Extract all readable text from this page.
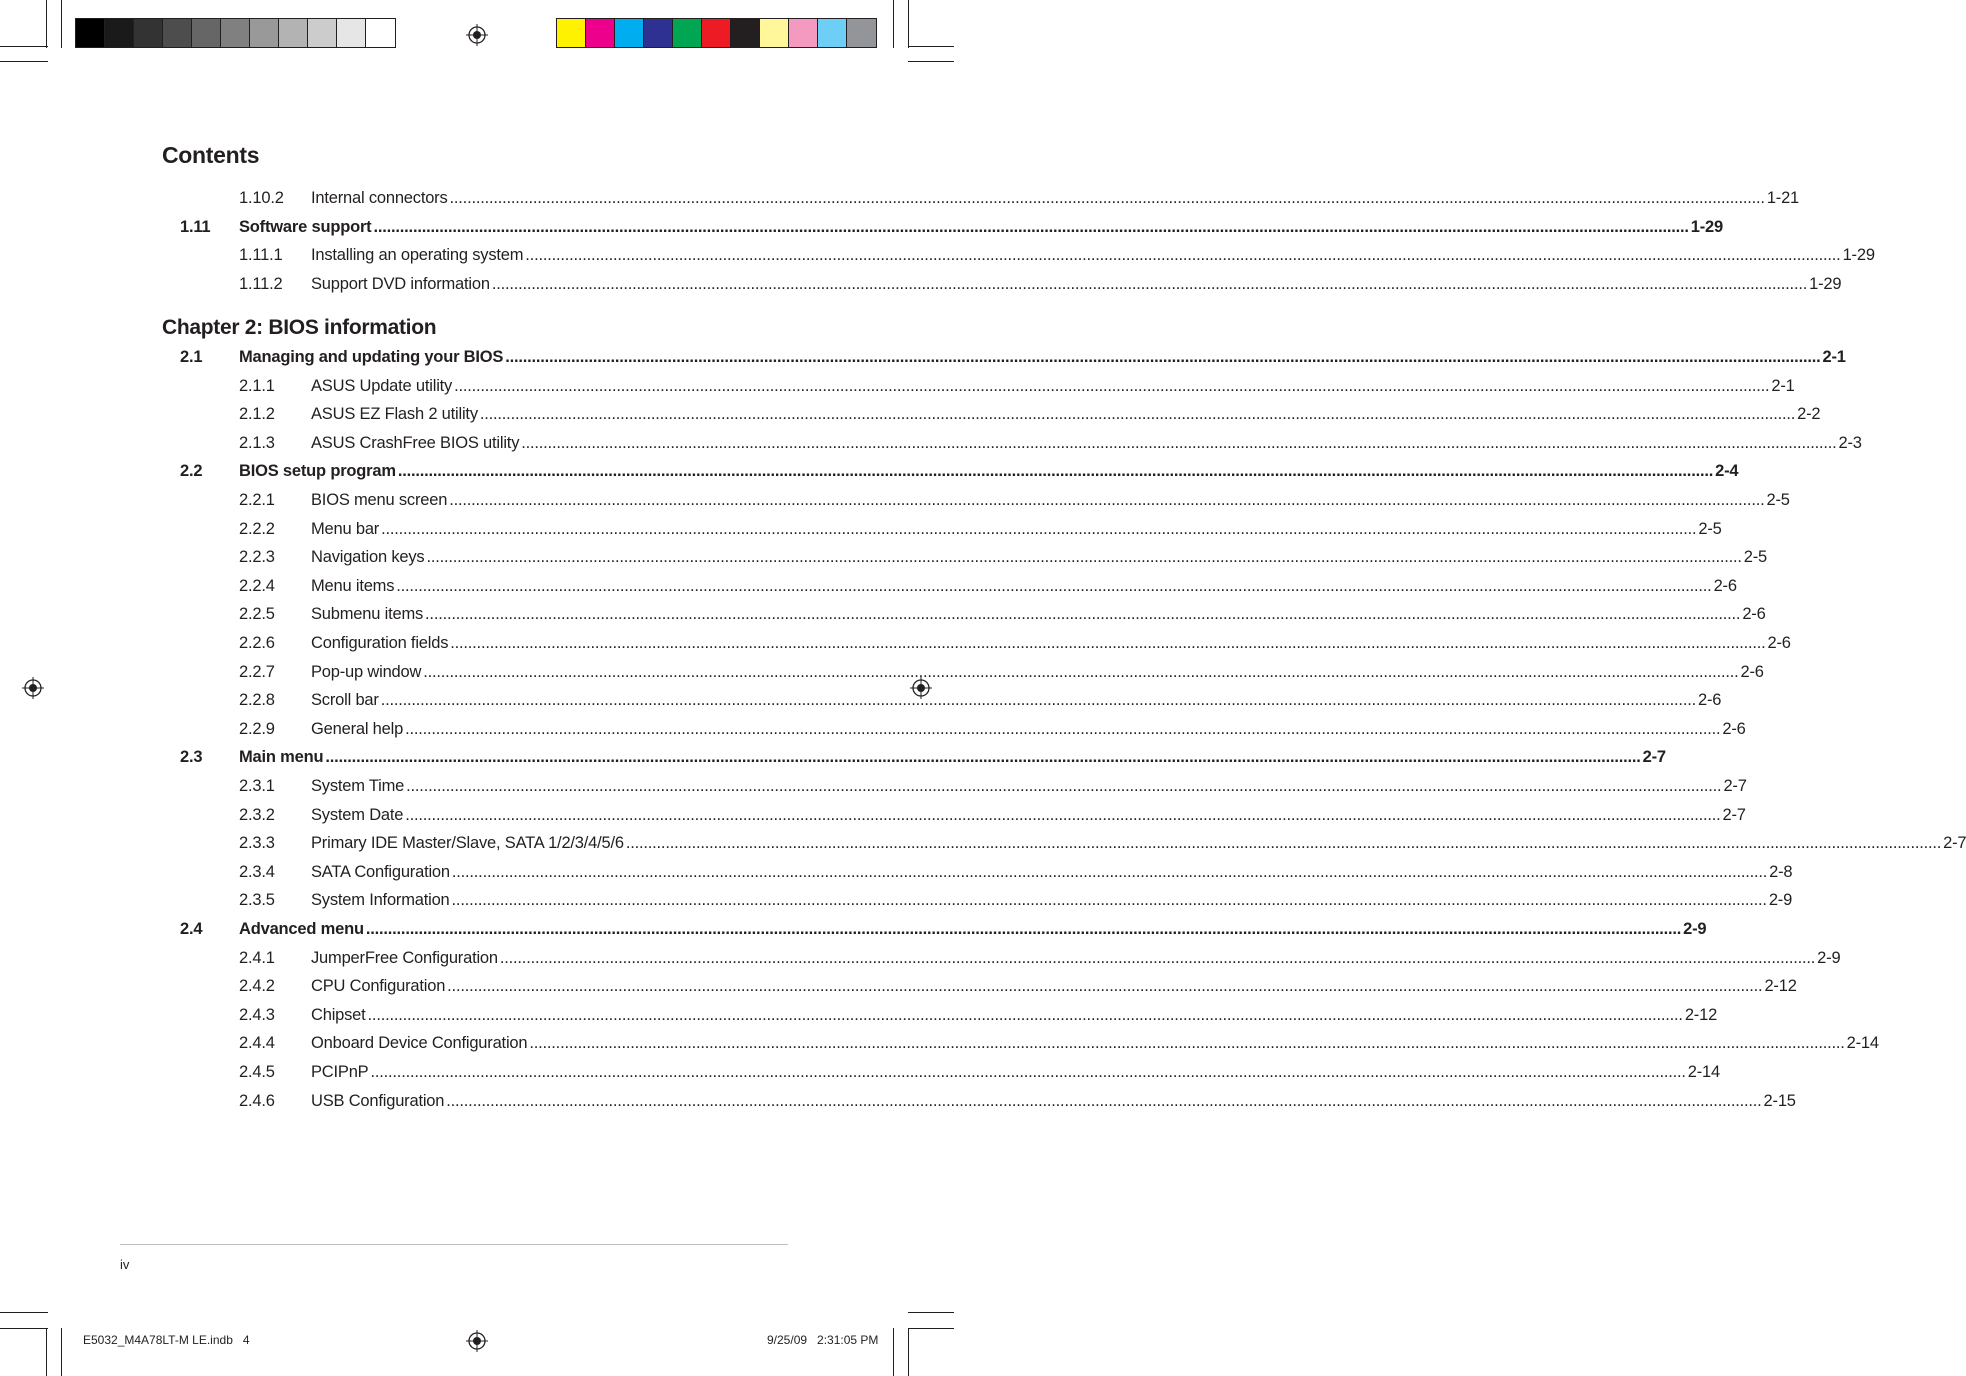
Contents
Chapter 2: BIOS information
1.10.2 Internal connectors ............................................................................................................................................................................................................................................................................................................ 1-21
1.11 Software support ............................................................................................................................................................................................................................................................................................................ 1-29
1.11.1 Installing an operating system ............................................................................................................................................................................................................................................................................................................ 1-29
1.11.2 Support DVD information ............................................................................................................................................................................................................................................................................................................ 1-29
2.1 Managing and updating your BIOS ............................................................................................................................................................................................................................................................................................................ 2-1
2.1.1 ASUS Update utility ............................................................................................................................................................................................................................................................................................................ 2-1
2.1.2 ASUS EZ Flash 2 utility ............................................................................................................................................................................................................................................................................................................ 2-2
2.1.3 ASUS CrashFree BIOS utility ............................................................................................................................................................................................................................................................................................................ 2-3
2.2 BIOS setup program ............................................................................................................................................................................................................................................................................................................ 2-4
2.2.1 BIOS menu screen ............................................................................................................................................................................................................................................................................................................ 2-5
2.2.2 Menu bar ............................................................................................................................................................................................................................................................................................................ 2-5
2.2.3 Navigation keys ............................................................................................................................................................................................................................................................................................................ 2-5
2.2.4 Menu items ............................................................................................................................................................................................................................................................................................................ 2-6
2.2.5 Submenu items ............................................................................................................................................................................................................................................................................................................ 2-6
2.2.6 Configuration fields ............................................................................................................................................................................................................................................................................................................ 2-6
2.2.7 Pop-up window ............................................................................................................................................................................................................................................................................................................ 2-6
2.2.8 Scroll bar ............................................................................................................................................................................................................................................................................................................ 2-6
2.2.9 General help ............................................................................................................................................................................................................................................................................................................ 2-6
2.3 Main menu ............................................................................................................................................................................................................................................................................................................ 2-7
2.3.1 System Time ............................................................................................................................................................................................................................................................................................................ 2-7
2.3.2 System Date ............................................................................................................................................................................................................................................................................................................ 2-7
2.3.3 Primary IDE Master/Slave, SATA 1/2/3/4/5/6 ............................................................................................................................................................................................................................................................................................................ 2-7
2.3.4 SATA Configuration ............................................................................................................................................................................................................................................................................................................ 2-8
2.3.5 System Information ............................................................................................................................................................................................................................................................................................................ 2-9
2.4 Advanced menu ............................................................................................................................................................................................................................................................................................................ 2-9
2.4.1 JumperFree Configuration ............................................................................................................................................................................................................................................................................................................ 2-9
2.4.2 CPU Configuration ............................................................................................................................................................................................................................................................................................................ 2-12
2.4.3 Chipset ............................................................................................................................................................................................................................................................................................................ 2-12
2.4.4 Onboard Device Configuration ............................................................................................................................................................................................................................................................................................................ 2-14
2.4.5 PCIPnP ............................................................................................................................................................................................................................................................................................................ 2-14
2.4.6 USB Configuration ............................................................................................................................................................................................................................................................................................................ 2-15
iv
E5032_M4A78LT-M LE.indb   4	9/25/09   2:31:05 PM
